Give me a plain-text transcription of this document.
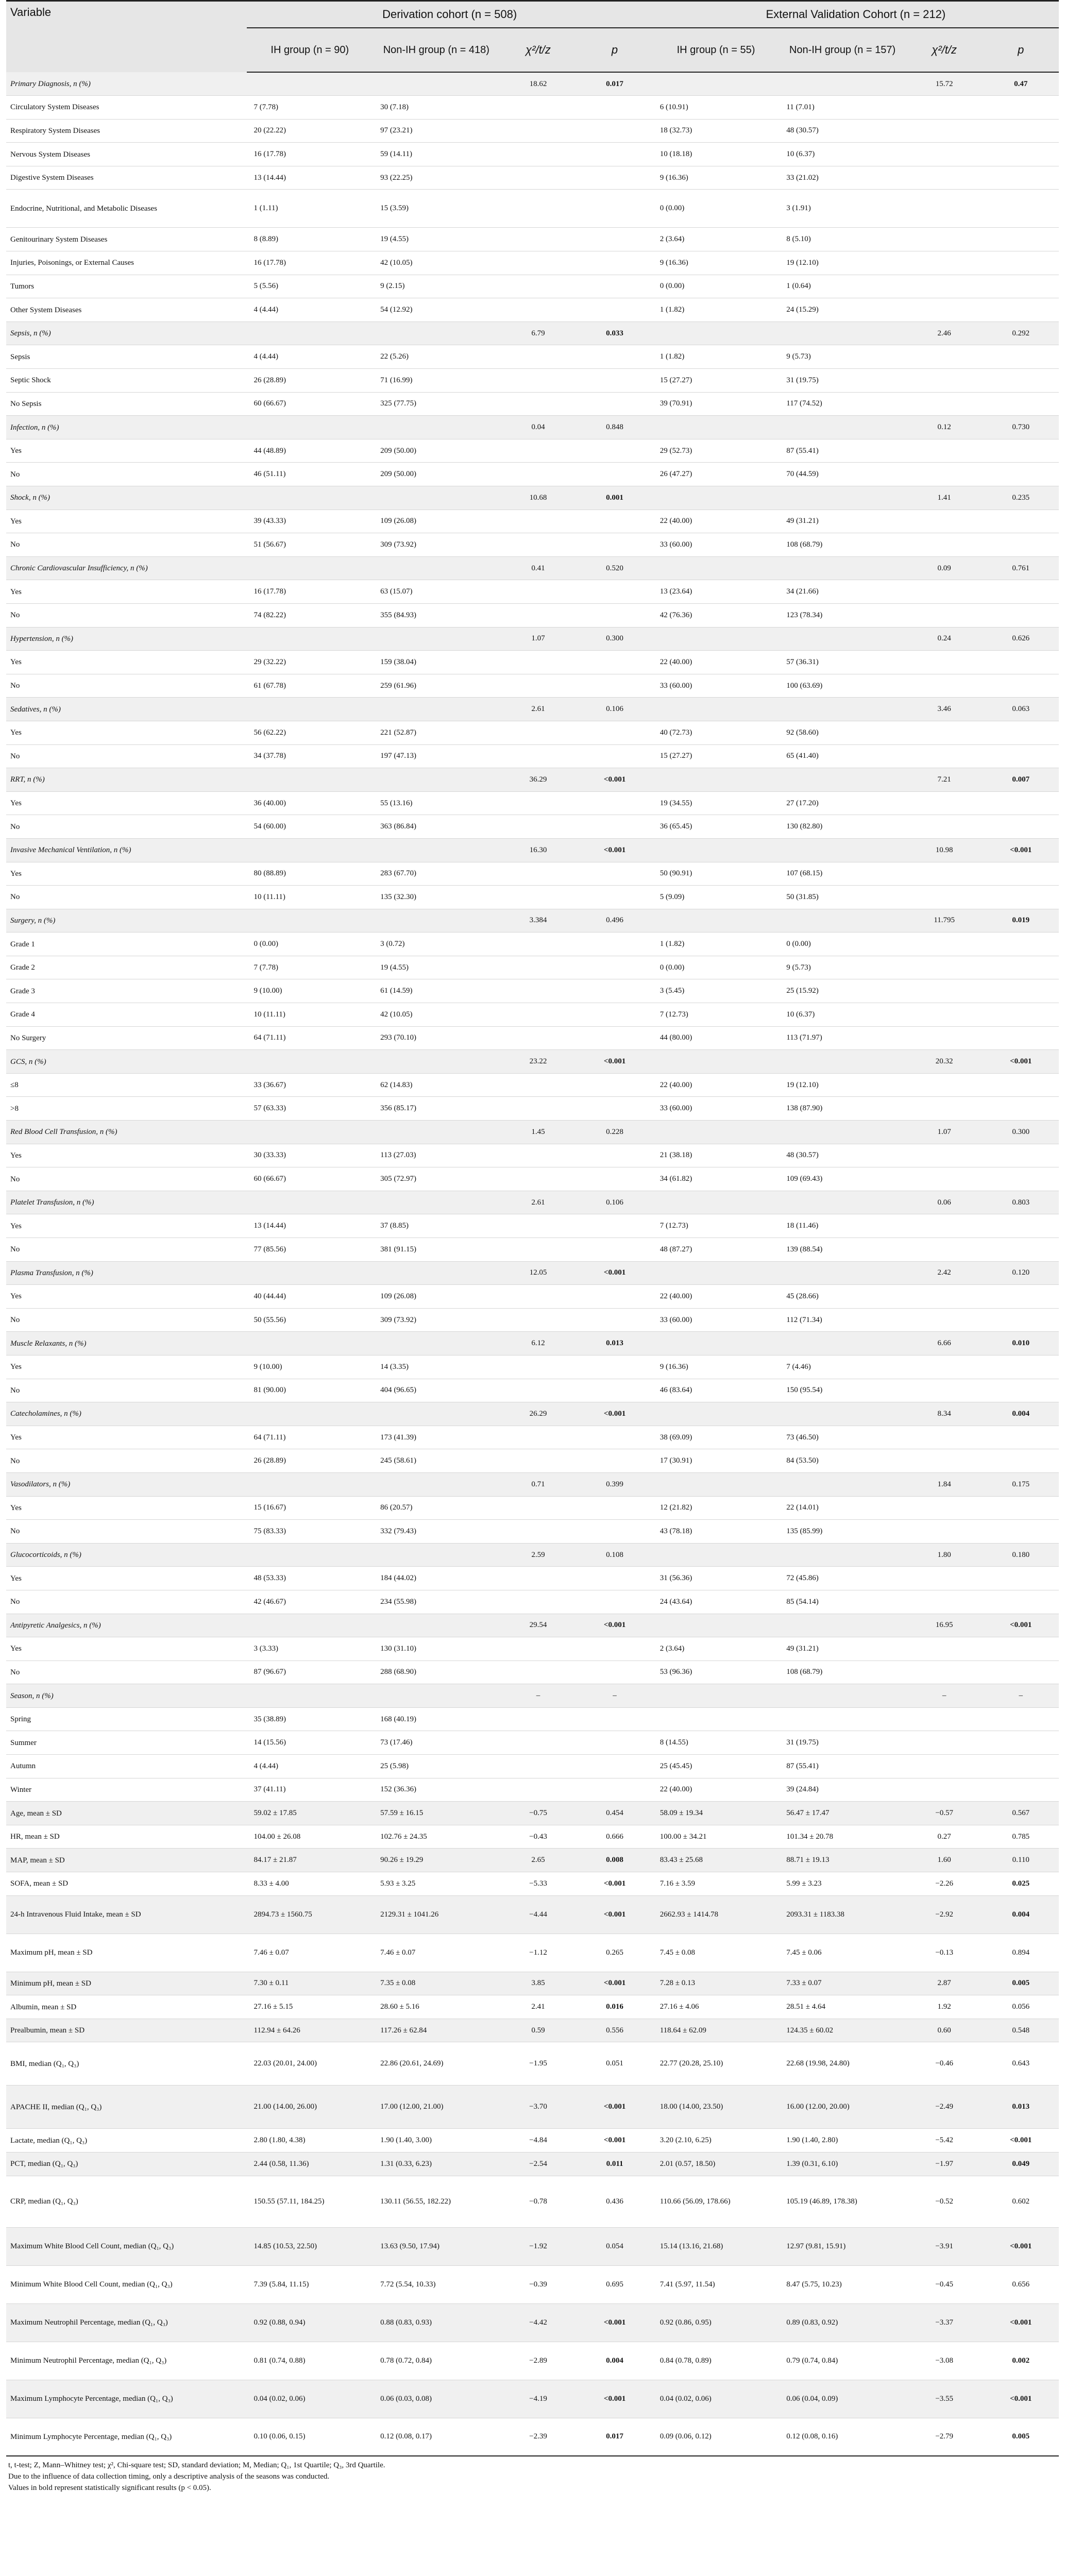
Variable	Derivation cohort (n = 508)				External Validation Cohort (n = 212)			
	IH group (n = 90)	Non-IH group (n = 418)	χ²/t/z	p	IH group (n = 55)	Non-IH group (n = 157)	χ²/t/z	p
Primary Diagnosis, n (%)			18.62	0.017			15.72	0.47
Circulatory System Diseases	7 (7.78)	30 (7.18)			6 (10.91)	11 (7.01)		
Respiratory System Diseases	20 (22.22)	97 (23.21)			18 (32.73)	48 (30.57)		
Nervous System Diseases	16 (17.78)	59 (14.11)			10 (18.18)	10 (6.37)		
Digestive System Diseases	13 (14.44)	93 (22.25)			9 (16.36)	33 (21.02)		
Endocrine, Nutritional, and Metabolic Diseases	1 (1.11)	15 (3.59)			0 (0.00)	3 (1.91)		
Genitourinary System Diseases	8 (8.89)	19 (4.55)			2 (3.64)	8 (5.10)		
Injuries, Poisonings, or External Causes	16 (17.78)	42 (10.05)			9 (16.36)	19 (12.10)		
Tumors	5 (5.56)	9 (2.15)			0 (0.00)	1 (0.64)		
Other System Diseases	4 (4.44)	54 (12.92)			1 (1.82)	24 (15.29)		
Sepsis, n (%)			6.79	0.033			2.46	0.292
Sepsis	4 (4.44)	22 (5.26)			1 (1.82)	9 (5.73)		
Septic Shock	26 (28.89)	71 (16.99)			15 (27.27)	31 (19.75)		
No Sepsis	60 (66.67)	325 (77.75)			39 (70.91)	117 (74.52)		
Infection, n (%)			0.04	0.848			0.12	0.730
Yes	44 (48.89)	209 (50.00)			29 (52.73)	87 (55.41)		
No	46 (51.11)	209 (50.00)			26 (47.27)	70 (44.59)		
Shock, n (%)			10.68	0.001			1.41	0.235
Yes	39 (43.33)	109 (26.08)			22 (40.00)	49 (31.21)		
No	51 (56.67)	309 (73.92)			33 (60.00)	108 (68.79)		
Chronic Cardiovascular Insufficiency, n (%)			0.41	0.520			0.09	0.761
Yes	16 (17.78)	63 (15.07)			13 (23.64)	34 (21.66)		
No	74 (82.22)	355 (84.93)			42 (76.36)	123 (78.34)		
Hypertension, n (%)			1.07	0.300			0.24	0.626
Yes	29 (32.22)	159 (38.04)			22 (40.00)	57 (36.31)		
No	61 (67.78)	259 (61.96)			33 (60.00)	100 (63.69)		
Sedatives, n (%)			2.61	0.106			3.46	0.063
Yes	56 (62.22)	221 (52.87)			40 (72.73)	92 (58.60)		
No	34 (37.78)	197 (47.13)			15 (27.27)	65 (41.40)		
RRT, n (%)			36.29	<0.001			7.21	0.007
Yes	36 (40.00)	55 (13.16)			19 (34.55)	27 (17.20)		
No	54 (60.00)	363 (86.84)			36 (65.45)	130 (82.80)		
Invasive Mechanical Ventilation, n (%)			16.30	<0.001			10.98	<0.001
Yes	80 (88.89)	283 (67.70)			50 (90.91)	107 (68.15)		
No	10 (11.11)	135 (32.30)			5 (9.09)	50 (31.85)		
Surgery, n (%)			3.384	0.496			11.795	0.019
Grade 1	0 (0.00)	3 (0.72)			1 (1.82)	0 (0.00)		
Grade 2	7 (7.78)	19 (4.55)			0 (0.00)	9 (5.73)		
Grade 3	9 (10.00)	61 (14.59)			3 (5.45)	25 (15.92)		
Grade 4	10 (11.11)	42 (10.05)			7 (12.73)	10 (6.37)		
No Surgery	64 (71.11)	293 (70.10)			44 (80.00)	113 (71.97)		
GCS, n (%)			23.22	<0.001			20.32	<0.001
≤8	33 (36.67)	62 (14.83)			22 (40.00)	19 (12.10)		
>8	57 (63.33)	356 (85.17)			33 (60.00)	138 (87.90)		
Red Blood Cell Transfusion, n (%)			1.45	0.228			1.07	0.300
Yes	30 (33.33)	113 (27.03)			21 (38.18)	48 (30.57)		
No	60 (66.67)	305 (72.97)			34 (61.82)	109 (69.43)		
Platelet Transfusion, n (%)			2.61	0.106			0.06	0.803
Yes	13 (14.44)	37 (8.85)			7 (12.73)	18 (11.46)		
No	77 (85.56)	381 (91.15)			48 (87.27)	139 (88.54)		
Plasma Transfusion, n (%)			12.05	<0.001			2.42	0.120
Yes	40 (44.44)	109 (26.08)			22 (40.00)	45 (28.66)		
No	50 (55.56)	309 (73.92)			33 (60.00)	112 (71.34)		
Muscle Relaxants, n (%)			6.12	0.013			6.66	0.010
Yes	9 (10.00)	14 (3.35)			9 (16.36)	7 (4.46)		
No	81 (90.00)	404 (96.65)			46 (83.64)	150 (95.54)		
Catecholamines, n (%)			26.29	<0.001			8.34	0.004
Yes	64 (71.11)	173 (41.39)			38 (69.09)	73 (46.50)		
No	26 (28.89)	245 (58.61)			17 (30.91)	84 (53.50)		
Vasodilators, n (%)			0.71	0.399			1.84	0.175
Yes	15 (16.67)	86 (20.57)			12 (21.82)	22 (14.01)		
No	75 (83.33)	332 (79.43)			43 (78.18)	135 (85.99)		
Glucocorticoids, n (%)			2.59	0.108			1.80	0.180
Yes	48 (53.33)	184 (44.02)			31 (56.36)	72 (45.86)		
No	42 (46.67)	234 (55.98)			24 (43.64)	85 (54.14)		
Antipyretic Analgesics, n (%)			29.54	<0.001			16.95	<0.001
Yes	3 (3.33)	130 (31.10)			2 (3.64)	49 (31.21)		
No	87 (96.67)	288 (68.90)			53 (96.36)	108 (68.79)		
Season, n (%)			–	–			–	–
Spring	35 (38.89)	168 (40.19)						
Summer	14 (15.56)	73 (17.46)			8 (14.55)	31 (19.75)		
Autumn	4 (4.44)	25 (5.98)			25 (45.45)	87 (55.41)		
Winter	37 (41.11)	152 (36.36)			22 (40.00)	39 (24.84)		
Age, mean ± SD	59.02 ± 17.85	57.59 ± 16.15	−0.75	0.454	58.09 ± 19.34	56.47 ± 17.47	−0.57	0.567
HR, mean ± SD	104.00 ± 26.08	102.76 ± 24.35	−0.43	0.666	100.00 ± 34.21	101.34 ± 20.78	0.27	0.785
MAP, mean ± SD	84.17 ± 21.87	90.26 ± 19.29	2.65	0.008	83.43 ± 25.68	88.71 ± 19.13	1.60	0.110
SOFA, mean ± SD	8.33 ± 4.00	5.93 ± 3.25	−5.33	<0.001	7.16 ± 3.59	5.99 ± 3.23	−2.26	0.025
24-h Intravenous Fluid Intake, mean ± SD	2894.73 ± 1560.75	2129.31 ± 1041.26	−4.44	<0.001	2662.93 ± 1414.78	2093.31 ± 1183.38	−2.92	0.004
Maximum pH, mean ± SD	7.46 ± 0.07	7.46 ± 0.07	−1.12	0.265	7.45 ± 0.08	7.45 ± 0.06	−0.13	0.894
Minimum pH, mean ± SD	7.30 ± 0.11	7.35 ± 0.08	3.85	<0.001	7.28 ± 0.13	7.33 ± 0.07	2.87	0.005
Albumin, mean ± SD	27.16 ± 5.15	28.60 ± 5.16	2.41	0.016	27.16 ± 4.06	28.51 ± 4.64	1.92	0.056
Prealbumin, mean ± SD	112.94 ± 64.26	117.26 ± 62.84	0.59	0.556	118.64 ± 62.09	124.35 ± 60.02	0.60	0.548
BMI, median (Q₁, Q₃)	22.03 (20.01, 24.00)	22.86 (20.61, 24.69)	−1.95	0.051	22.77 (20.28, 25.10)	22.68 (19.98, 24.80)	−0.46	0.643
APACHE II, median (Q₁, Q₃)	21.00 (14.00, 26.00)	17.00 (12.00, 21.00)	−3.70	<0.001	18.00 (14.00, 23.50)	16.00 (12.00, 20.00)	−2.49	0.013
Lactate, median (Q₁, Q₃)	2.80 (1.80, 4.38)	1.90 (1.40, 3.00)	−4.84	<0.001	3.20 (2.10, 6.25)	1.90 (1.40, 2.80)	−5.42	<0.001
PCT, median (Q₁, Q₃)	2.44 (0.58, 11.36)	1.31 (0.33, 6.23)	−2.54	0.011	2.01 (0.57, 18.50)	1.39 (0.31, 6.10)	−1.97	0.049
CRP, median (Q₁, Q₃)	150.55 (57.11, 184.25)	130.11 (56.55, 182.22)	−0.78	0.436	110.66 (56.09, 178.66)	105.19 (46.89, 178.38)	−0.52	0.602
Maximum White Blood Cell Count, median (Q₁, Q₃)	14.85 (10.53, 22.50)	13.63 (9.50, 17.94)	−1.92	0.054	15.14 (13.16, 21.68)	12.97 (9.81, 15.91)	−3.91	<0.001
Minimum White Blood Cell Count, median (Q₁, Q₃)	7.39 (5.84, 11.15)	7.72 (5.54, 10.33)	−0.39	0.695	7.41 (5.97, 11.54)	8.47 (5.75, 10.23)	−0.45	0.656
Maximum Neutrophil Percentage, median (Q₁, Q₃)	0.92 (0.88, 0.94)	0.88 (0.83, 0.93)	−4.42	<0.001	0.92 (0.86, 0.95)	0.89 (0.83, 0.92)	−3.37	<0.001
Minimum Neutrophil Percentage, median (Q₁, Q₃)	0.81 (0.74, 0.88)	0.78 (0.72, 0.84)	−2.89	0.004	0.84 (0.78, 0.89)	0.79 (0.74, 0.84)	−3.08	0.002
Maximum Lymphocyte Percentage, median (Q₁, Q₃)	0.04 (0.02, 0.06)	0.06 (0.03, 0.08)	−4.19	<0.001	0.04 (0.02, 0.06)	0.06 (0.04, 0.09)	−3.55	<0.001
Minimum Lymphocyte Percentage, median (Q₁, Q₃)	0.10 (0.06, 0.15)	0.12 (0.08, 0.17)	−2.39	0.017	0.09 (0.06, 0.12)	0.12 (0.08, 0.16)	−2.79	0.005
t, t-test; Z, Mann–Whitney test; χ², Chi-square test; SD, standard deviation; M, Median; Q₁, 1st Quartile; Q₃, 3rd Quartile.
Due to the influence of data collection timing, only a descriptive analysis of the seasons was conducted.
Values in bold represent statistically significant results (p < 0.05).
